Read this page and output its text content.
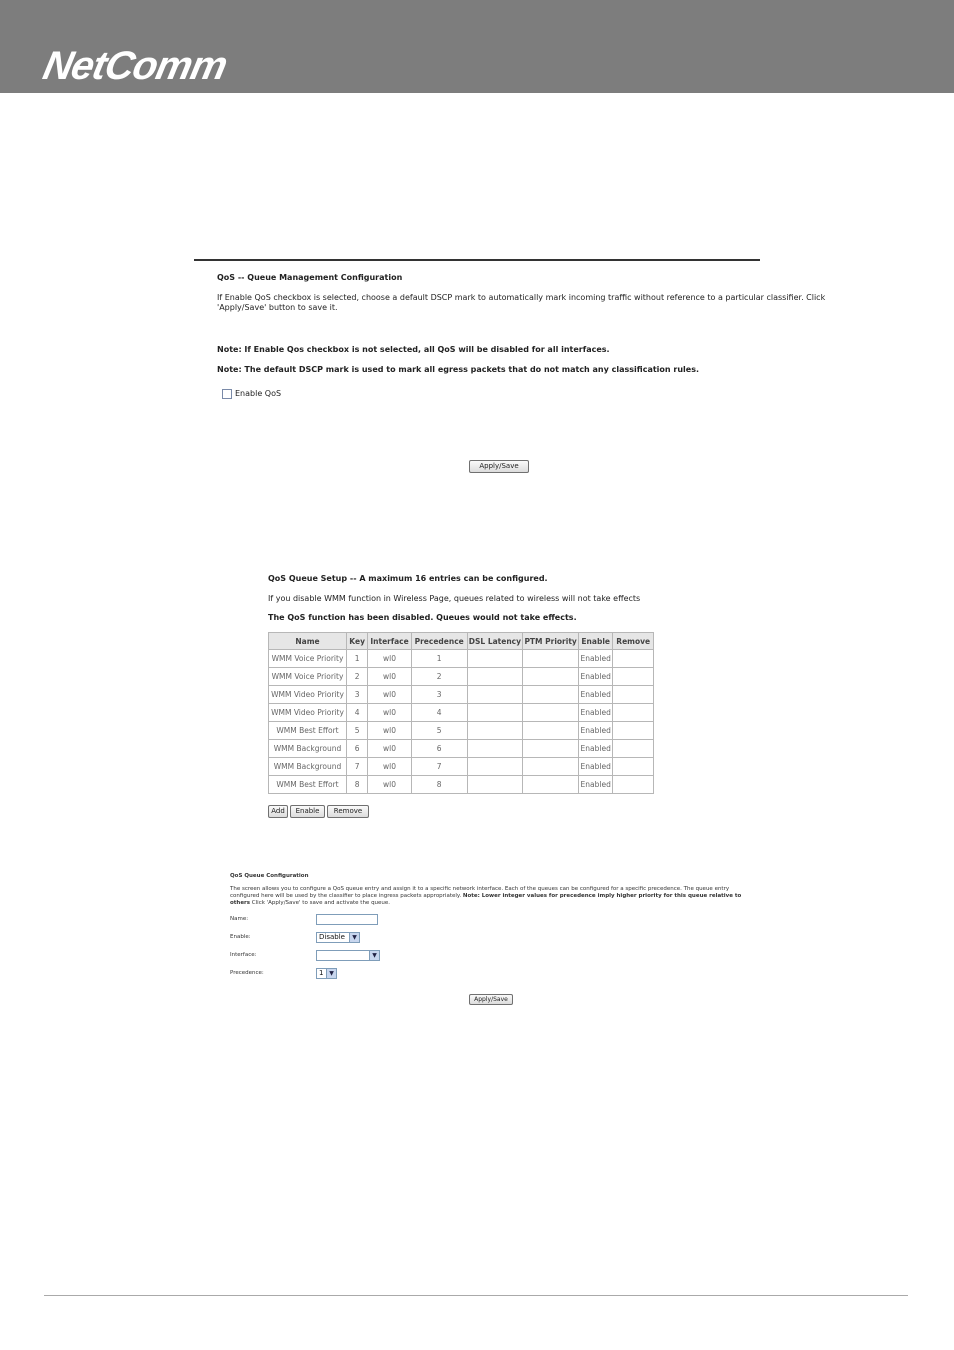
NetComm
QoS -- Queue Management Configuration
If Enable QoS checkbox is selected, choose a default DSCP mark to automatically mark incoming traffic without reference to a particular classifier. Click
'Apply/Save' button to save it.
Note: If Enable Qos checkbox is not selected, all QoS will be disabled for all interfaces.
Note: The default DSCP mark is used to mark all egress packets that do not match any classification rules.
Enable QoS
Apply/Save
QoS Queue Setup -- A maximum 16 entries can be configured.
If you disable WMM function in Wireless Page, queues related to wireless will not take effects
The QoS function has been disabled. Queues would not take effects.
Name	Key	Interface	Precedence	DSL Latency	PTM Priority	Enable	Remove
WMM Voice Priority	1	wl0	1			Enabled	
WMM Voice Priority	2	wl0	2			Enabled	
WMM Video Priority	3	wl0	3			Enabled	
WMM Video Priority	4	wl0	4			Enabled	
WMM Best Effort	5	wl0	5			Enabled	
WMM Background	6	wl0	6			Enabled	
WMM Background	7	wl0	7			Enabled	
WMM Best Effort	8	wl0	8			Enabled	
Add	Enable	Remove
QoS Queue Configuration
The screen allows you to configure a QoS queue entry and assign it to a specific network interface. Each of the queues can be configured for a specific precedence. The queue entry configured here will be used by the classifier to place ingress packets appropriately. Note: Lower integer values for precedence imply higher priority for this queue relative to others Click 'Apply/Save' to save and activate the queue.
Name:
Enable:	Disable	▼
Interface:	▼
Precedence:	1 ▼
Apply/Save
